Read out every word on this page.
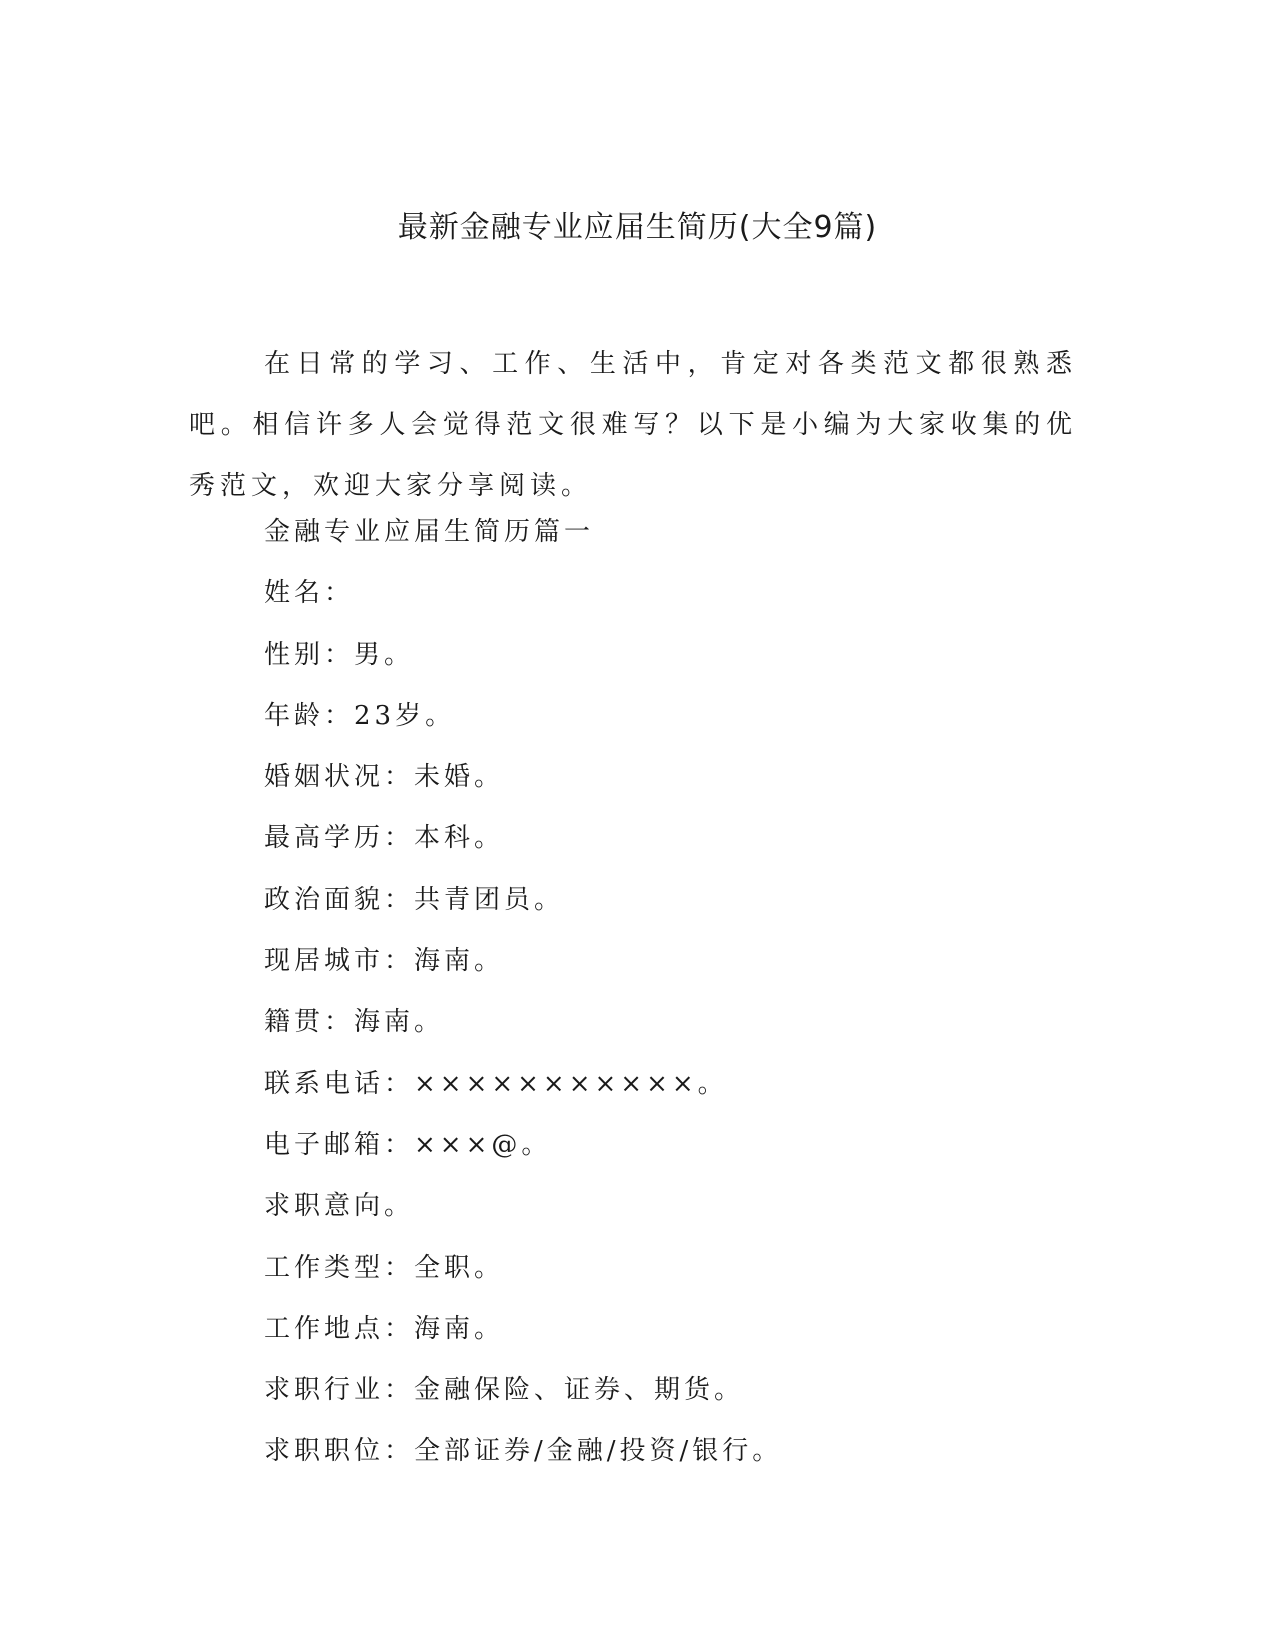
最新金融专业应届生简历(大全9篇)

在日常的学习、工作、生活中，肯定对各类范文都很熟悉吧。相信许多人会觉得范文很难写？以下是小编为大家收集的优秀范文，欢迎大家分享阅读。

金融专业应届生简历篇一
姓名：
性别：男。
年龄：23岁。
婚姻状况：未婚。
最高学历：本科。
政治面貌：共青团员。
现居城市：海南。
籍贯：海南。
联系电话：×××××××××××。
电子邮箱：×××@。
求职意向。
工作类型：全职。
工作地点：海南。
求职行业：金融保险、证券、期货。
求职职位：全部证券/金融/投资/银行。
